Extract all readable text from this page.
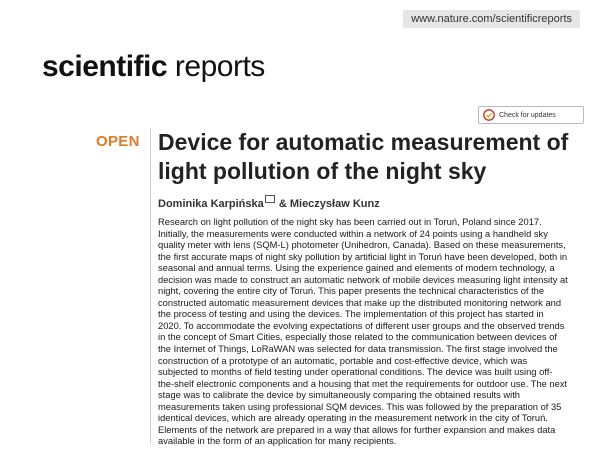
www.nature.com/scientificreports
scientific reports
Check for updates
OPEN Device for automatic measurement of light pollution of the night sky
Dominika Karpińska & Mieczysław Kunz

Research on light pollution of the night sky has been carried out in Toruń, Poland since 2017. Initially, the measurements were conducted within a network of 24 points using a handheld sky quality meter with lens (SQM-L) photometer (Unihedron, Canada). Based on these measurements, the first accurate maps of night sky pollution by artificial light in Toruń have been developed, both in seasonal and annual terms. Using the experience gained and elements of modern technology, a decision was made to construct an automatic network of mobile devices measuring light intensity at night, covering the entire city of Toruń. This paper presents the technical characteristics of the constructed automatic measurement devices that make up the distributed monitoring network and the process of testing and using the devices. The implementation of this project has started in 2020. To accommodate the evolving expectations of different user groups and the observed trends in the concept of Smart Cities, especially those related to the communication between devices of the Internet of Things, LoRaWAN was selected for data transmission. The first stage involved the construction of a prototype of an automatic, portable and cost-effective device, which was subjected to months of field testing under operational conditions. The device was built using off-the-shelf electronic components and a housing that met the requirements for outdoor use. The next stage was to calibrate the device by simultaneously comparing the obtained results with measurements taken using professional SQM devices. This was followed by the preparation of 35 identical devices, which are already operating in the measurement network in the city of Toruń. Elements of the network are prepared in a way that allows for further expansion and makes data available in the form of an application for many recipients.
